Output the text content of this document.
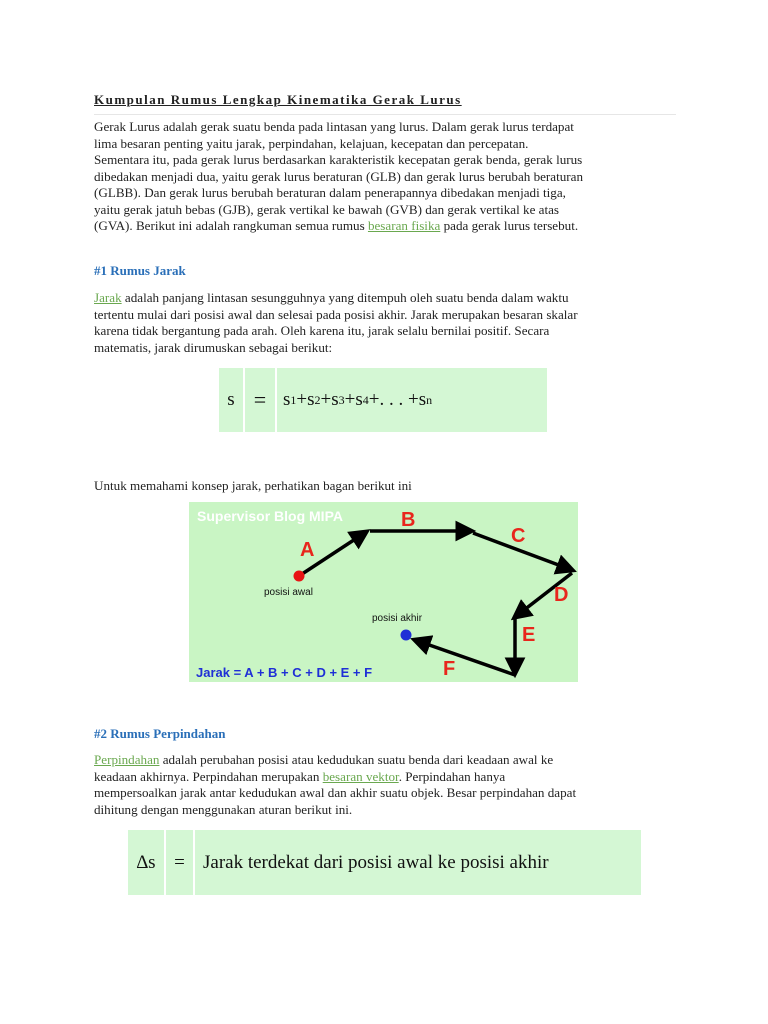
Kumpulan Rumus Lengkap Kinematika Gerak Lurus
Gerak Lurus adalah gerak suatu benda pada lintasan yang lurus. Dalam gerak lurus terdapat
lima besaran penting yaitu jarak, perpindahan, kelajuan, kecepatan dan percepatan.
Sementara itu, pada gerak lurus berdasarkan karakteristik kecepatan gerak benda, gerak lurus
dibedakan menjadi dua, yaitu gerak lurus beraturan (GLB) dan gerak lurus berubah beraturan
(GLBB). Dan gerak lurus berubah beraturan dalam penerapannya dibedakan menjadi tiga,
yaitu gerak jatuh bebas (GJB), gerak vertikal ke bawah (GVB) dan gerak vertikal ke atas
(GVA). Berikut ini adalah rangkuman semua rumus besaran fisika pada gerak lurus tersebut.
#1 Rumus Jarak
Jarak adalah panjang lintasan sesungguhnya yang ditempuh oleh suatu benda dalam waktu
tertentu mulai dari posisi awal dan selesai pada posisi akhir. Jarak merupakan besaran skalar
karena tidak bergantung pada arah. Oleh karena itu, jarak selalu bernilai positif. Secara
matematis, jarak dirumuskan sebagai berikut:
s = s 1 + s 2 + s 3 + s 4 +. . . + s n
Untuk memahami konsep jarak, perhatikan bagan berikut ini
Supervisor Blog MIPA
A
B
C
D
E
F
posisi awal
posisi akhir
Jarak = A + B + C + D + E + F
#2 Rumus Perpindahan
Perpindahan adalah perubahan posisi atau kedudukan suatu benda dari keadaan awal ke
keadaan akhirnya. Perpindahan merupakan besaran vektor. Perpindahan hanya
mempersoalkan jarak antar kedudukan awal dan akhir suatu objek. Besar perpindahan dapat
dihitung dengan menggunakan aturan berikut ini.
∆s = Jarak terdekat dari posisi awal ke posisi akhir
